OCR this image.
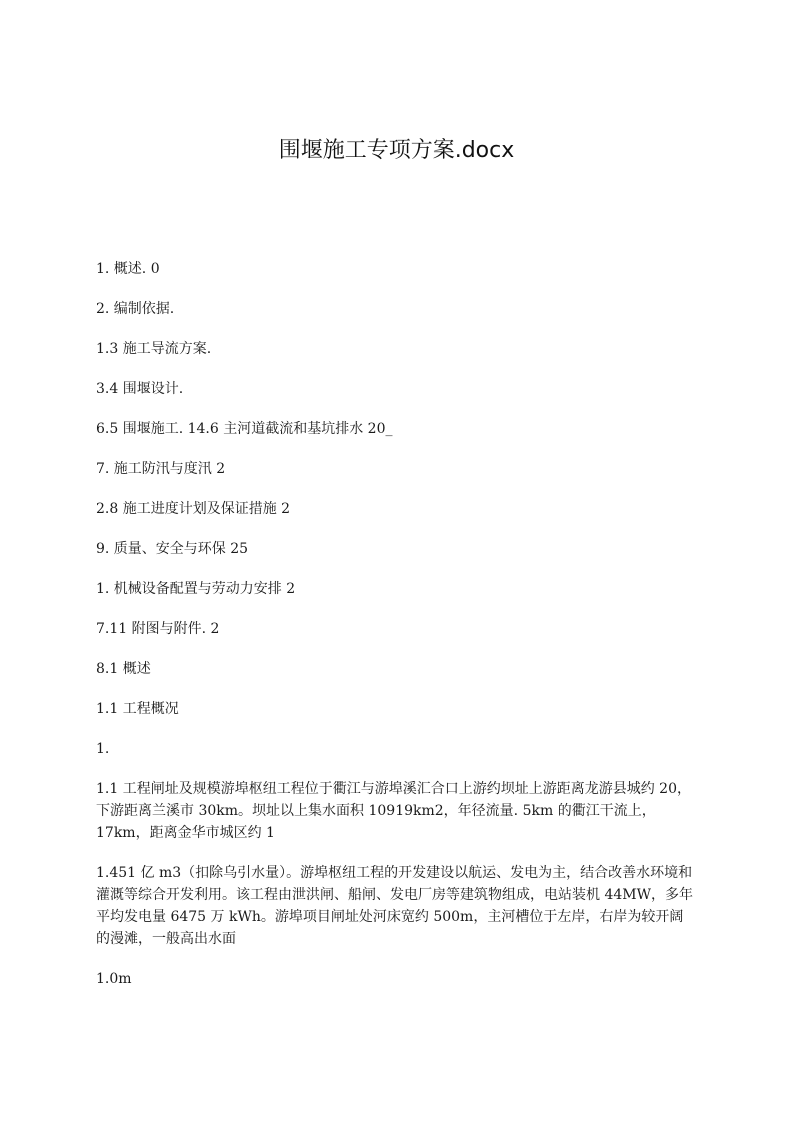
围堰施工专项方案.docx

1. 概述. 0

2. 编制依据.

1.3 施工导流方案.

3.4 围堰设计.

6.5 围堰施工. 14.6 主河道截流和基坑排水 20_

7. 施工防汛与度汛 2

2.8 施工进度计划及保证措施 2

9. 质量、安全与环保 25

1. 机械设备配置与劳动力安排 2

7.11 附图与附件. 2

8.1 概述

1.1 工程概况

1.

1.1 工程闸址及规模游埠枢纽工程位于衢江与游埠溪汇合口上游约坝址上游距离龙游县城约 20，下游距离兰溪市 30km。坝址以上集水面积 10919km2，年径流量. 5km 的衢江干流上，17km，距离金华市城区约 1

1.451 亿 m3（扣除乌引水量）。游埠枢纽工程的开发建设以航运、发电为主，结合改善水环境和灌溉等综合开发利用。该工程由泄洪闸、船闸、发电厂房等建筑物组成，电站装机 44MW，多年平均发电量 6475 万 kWh。游埠项目闸址处河床宽约 500m，主河槽位于左岸，右岸为较开阔的漫滩，一般高出水面

1.0m
